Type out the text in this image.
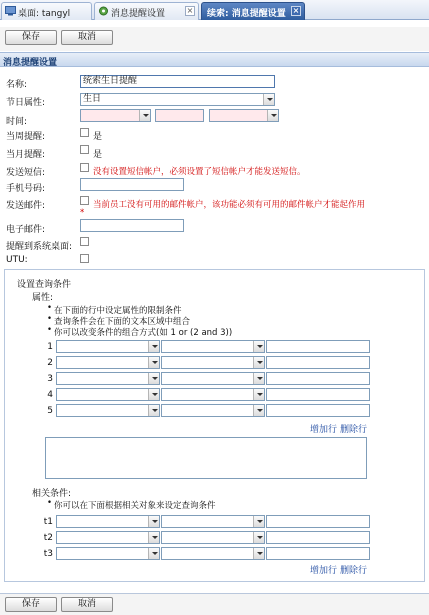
桌面: tangyl	消息提醒设置	×	续索: 消息提醒设置 ×
保存	取消
消息提醒设置
名称:	统索生日提醒
节日属性:	生日
时间:
当周提醒:	是
当月提醒:	是
发送短信:	没有设置短信帐户，必须设置了短信帐户才能发送短信。
手机号码:
发送邮件:	当前员工没有可用的邮件帐户，该功能必须有可用的邮件帐户才能起作用
*
电子邮件:
提醒到系统桌面:
UTU:
设置查询条件
属性:
• 在下面的行中设定属性的限制条件
• 查询条件会在下面的文本区域中组合
• 你可以改变条件的组合方式(如 1 or (2 and 3))
1
2
3
4
5
增加行 删除行
相关条件:
• 你可以在下面根据相关对象来设定查询条件
t1
t2
t3
增加行 删除行
保存	取消
